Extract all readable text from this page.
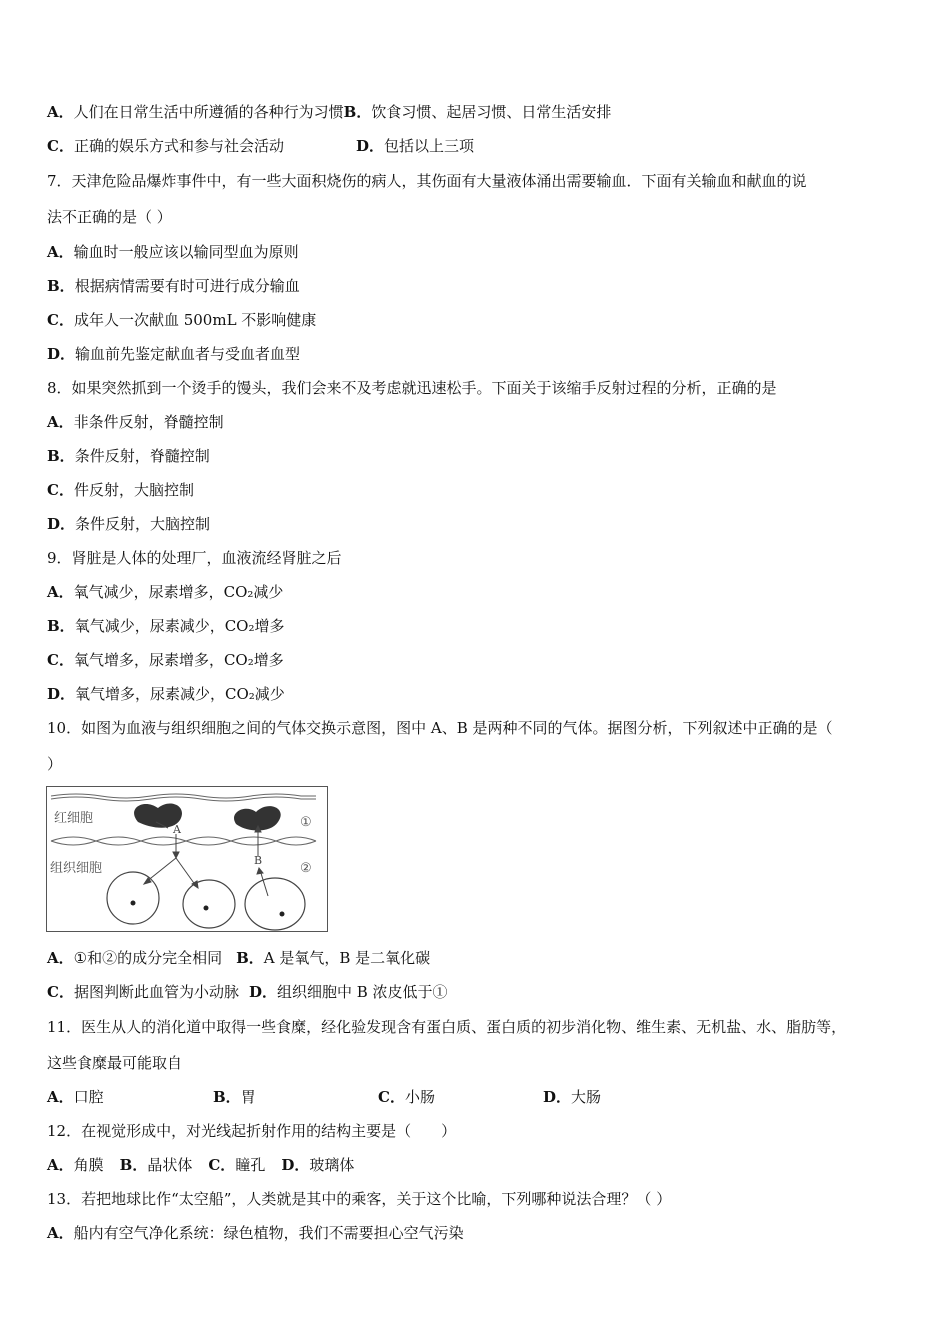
A．人们在日常生活中所遵循的各种行为习惯B．饮食习惯、起居习惯、日常生活安排
C．正确的娱乐方式和参与社会活动	D．包括以上三项
7．天津危险品爆炸事件中，有一些大面积烧伤的病人，其伤面有大量液体涌出需要输血．下面有关输血和献血的说
法不正确的是（ ）
A．输血时一般应该以输同型血为原则
B．根据病情需要有时可进行成分输血
C．成年人一次献血 500mL 不影响健康
D．输血前先鉴定献血者与受血者血型
8．如果突然抓到一个烫手的馒头，我们会来不及考虑就迅速松手。下面关于该缩手反射过程的分析，正确的是
A．非条件反射，脊髓控制
B．条件反射，脊髓控制
C．件反射，大脑控制
D．条件反射，大脑控制
9．肾脏是人体的处理厂，血液流经肾脏之后
A．氧气减少，尿素增多，CO₂减少
B．氧气减少，尿素减少，CO₂增多
C．氧气增多，尿素增多，CO₂增多
D．氧气增多，尿素减少，CO₂减少
10．如图为血液与组织细胞之间的气体交换示意图，图中 A、B 是两种不同的气体。据图分析，下列叙述中正确的是（
）
红细胞
组织细胞
A
B
①
②
A．①和②的成分完全相同 B．A 是氧气，B 是二氧化碳
C．据图判断此血管为小动脉 D．组织细胞中 B 浓皮低于①
11．医生从人的消化道中取得一些食糜，经化验发现含有蛋白质、蛋白质的初步消化物、维生素、无机盐、水、脂肪等，
这些食糜最可能取自
A．口腔	B．胃	C．小肠	D．大肠
12．在视觉形成中，对光线起折射作用的结构主要是（　　）
A．角膜 B．晶状体 C．瞳孔 D．玻璃体
13．若把地球比作“太空船”，人类就是其中的乘客，关于这个比喻，下列哪种说法合理？（ ）
A．船内有空气净化系统：绿色植物，我们不需要担心空气污染
